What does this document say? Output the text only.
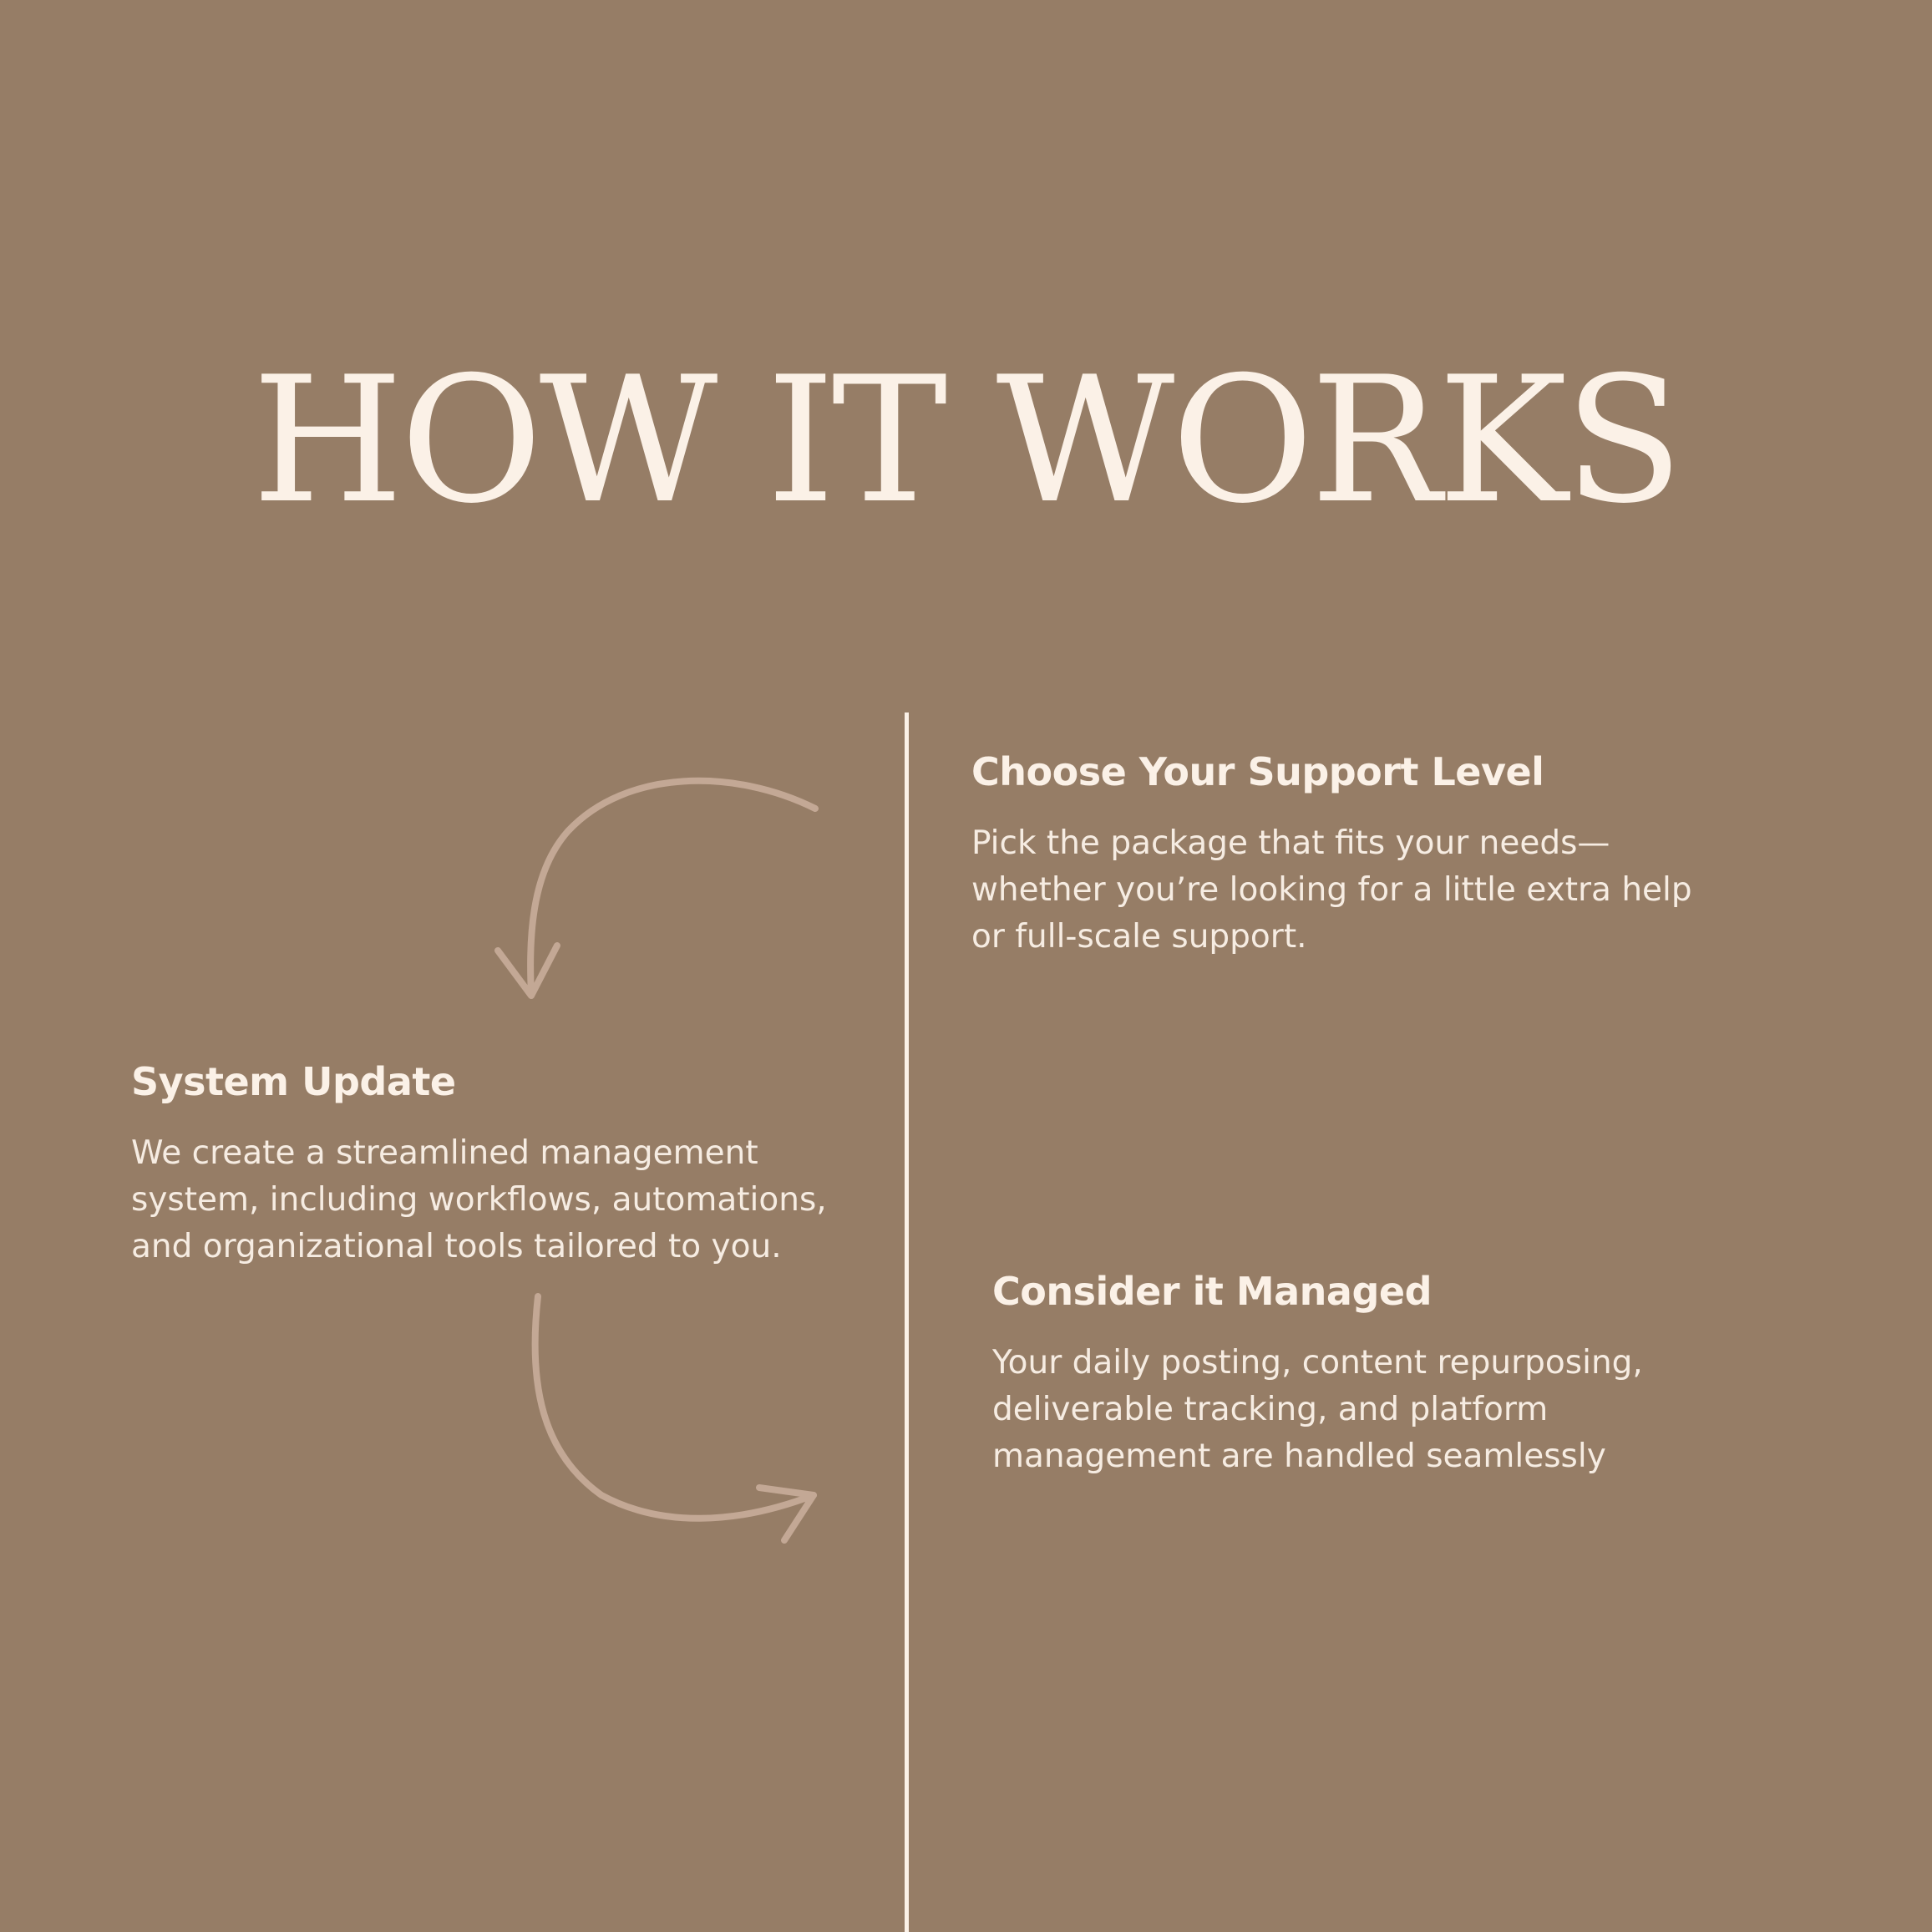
HOW IT WORKS
Choose Your Support Level

Pick the package that fits your needs—whether you’re looking for a little extra help or full-scale support.

System Update

We create a streamlined management system, including workflows, automations, and organizational tools tailored to you.

Consider it Managed

Your daily posting, content repurposing, deliverable tracking, and platform management are handled seamlessly
